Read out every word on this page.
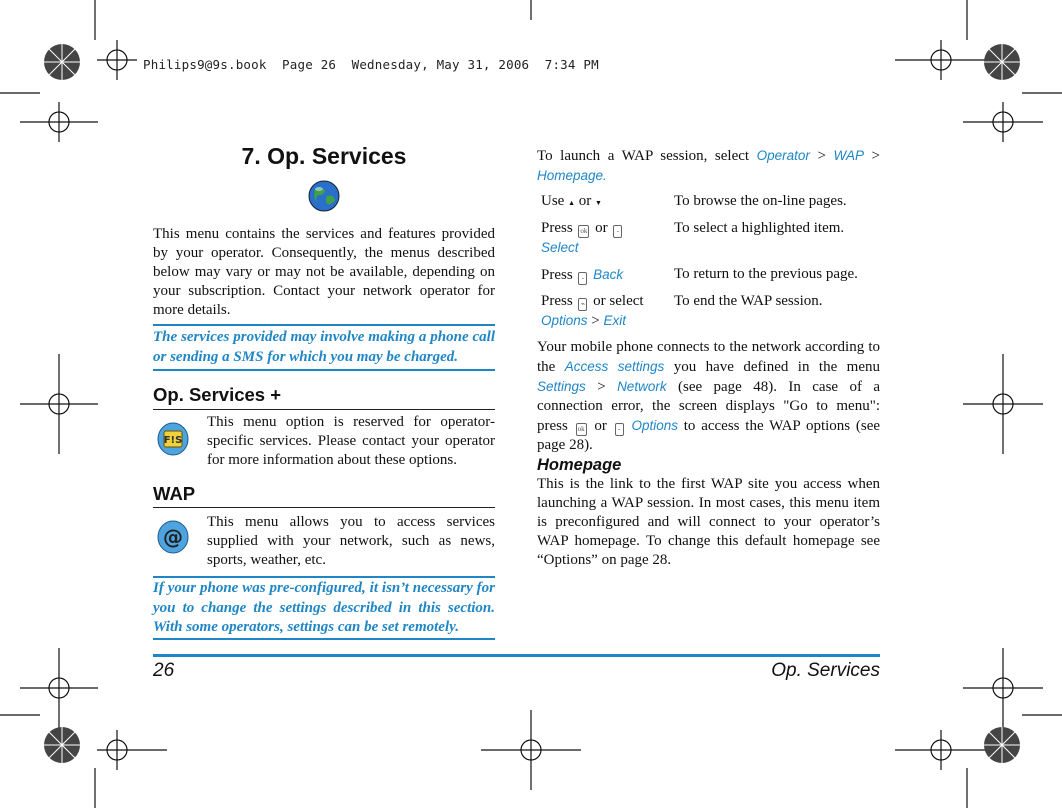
Philips9@9s.book  Page 26  Wednesday, May 31, 2006  7:34 PM
7. Op. Services
This menu contains the services and features provided by your operator. Consequently, the menus described below may vary or may not be available, depending on your subscription. Contact your network operator for more details.
The services provided may involve making a phone call or sending a SMS for which you may be charged.
Op. Services +
F!S
This menu option is reserved for operator-specific services. Please contact your operator for more information about these options.
WAP
@
This menu allows you to access services supplied with your network, such as news, sports, weather, etc.
If your phone was pre-configured, it isn’t necessary for you to change the settings described in this section. With some operators, settings can be set remotely.
To launch a WAP session, select Operator > WAP > Homepage.
Use ▲ or ▼	To browse the on-line pages.
Press ok or -
Select	To select a highlighted item.
Press - Back	To return to the previous page.
Press ⌁ or select
Options > Exit	To end the WAP session.
Your mobile phone connects to the network according to the Access settings you have defined in the menu Settings > Network (see page 48). In case of a connection error, the screen displays "Go to menu": press ok or - Options to access the WAP options (see page 28).
Homepage
This is the link to the first WAP site you access when launching a WAP session. In most cases, this menu item is preconfigured and will connect to your operator’s WAP homepage. To change this default homepage see “Options” on page 28.
26	Op. Services
